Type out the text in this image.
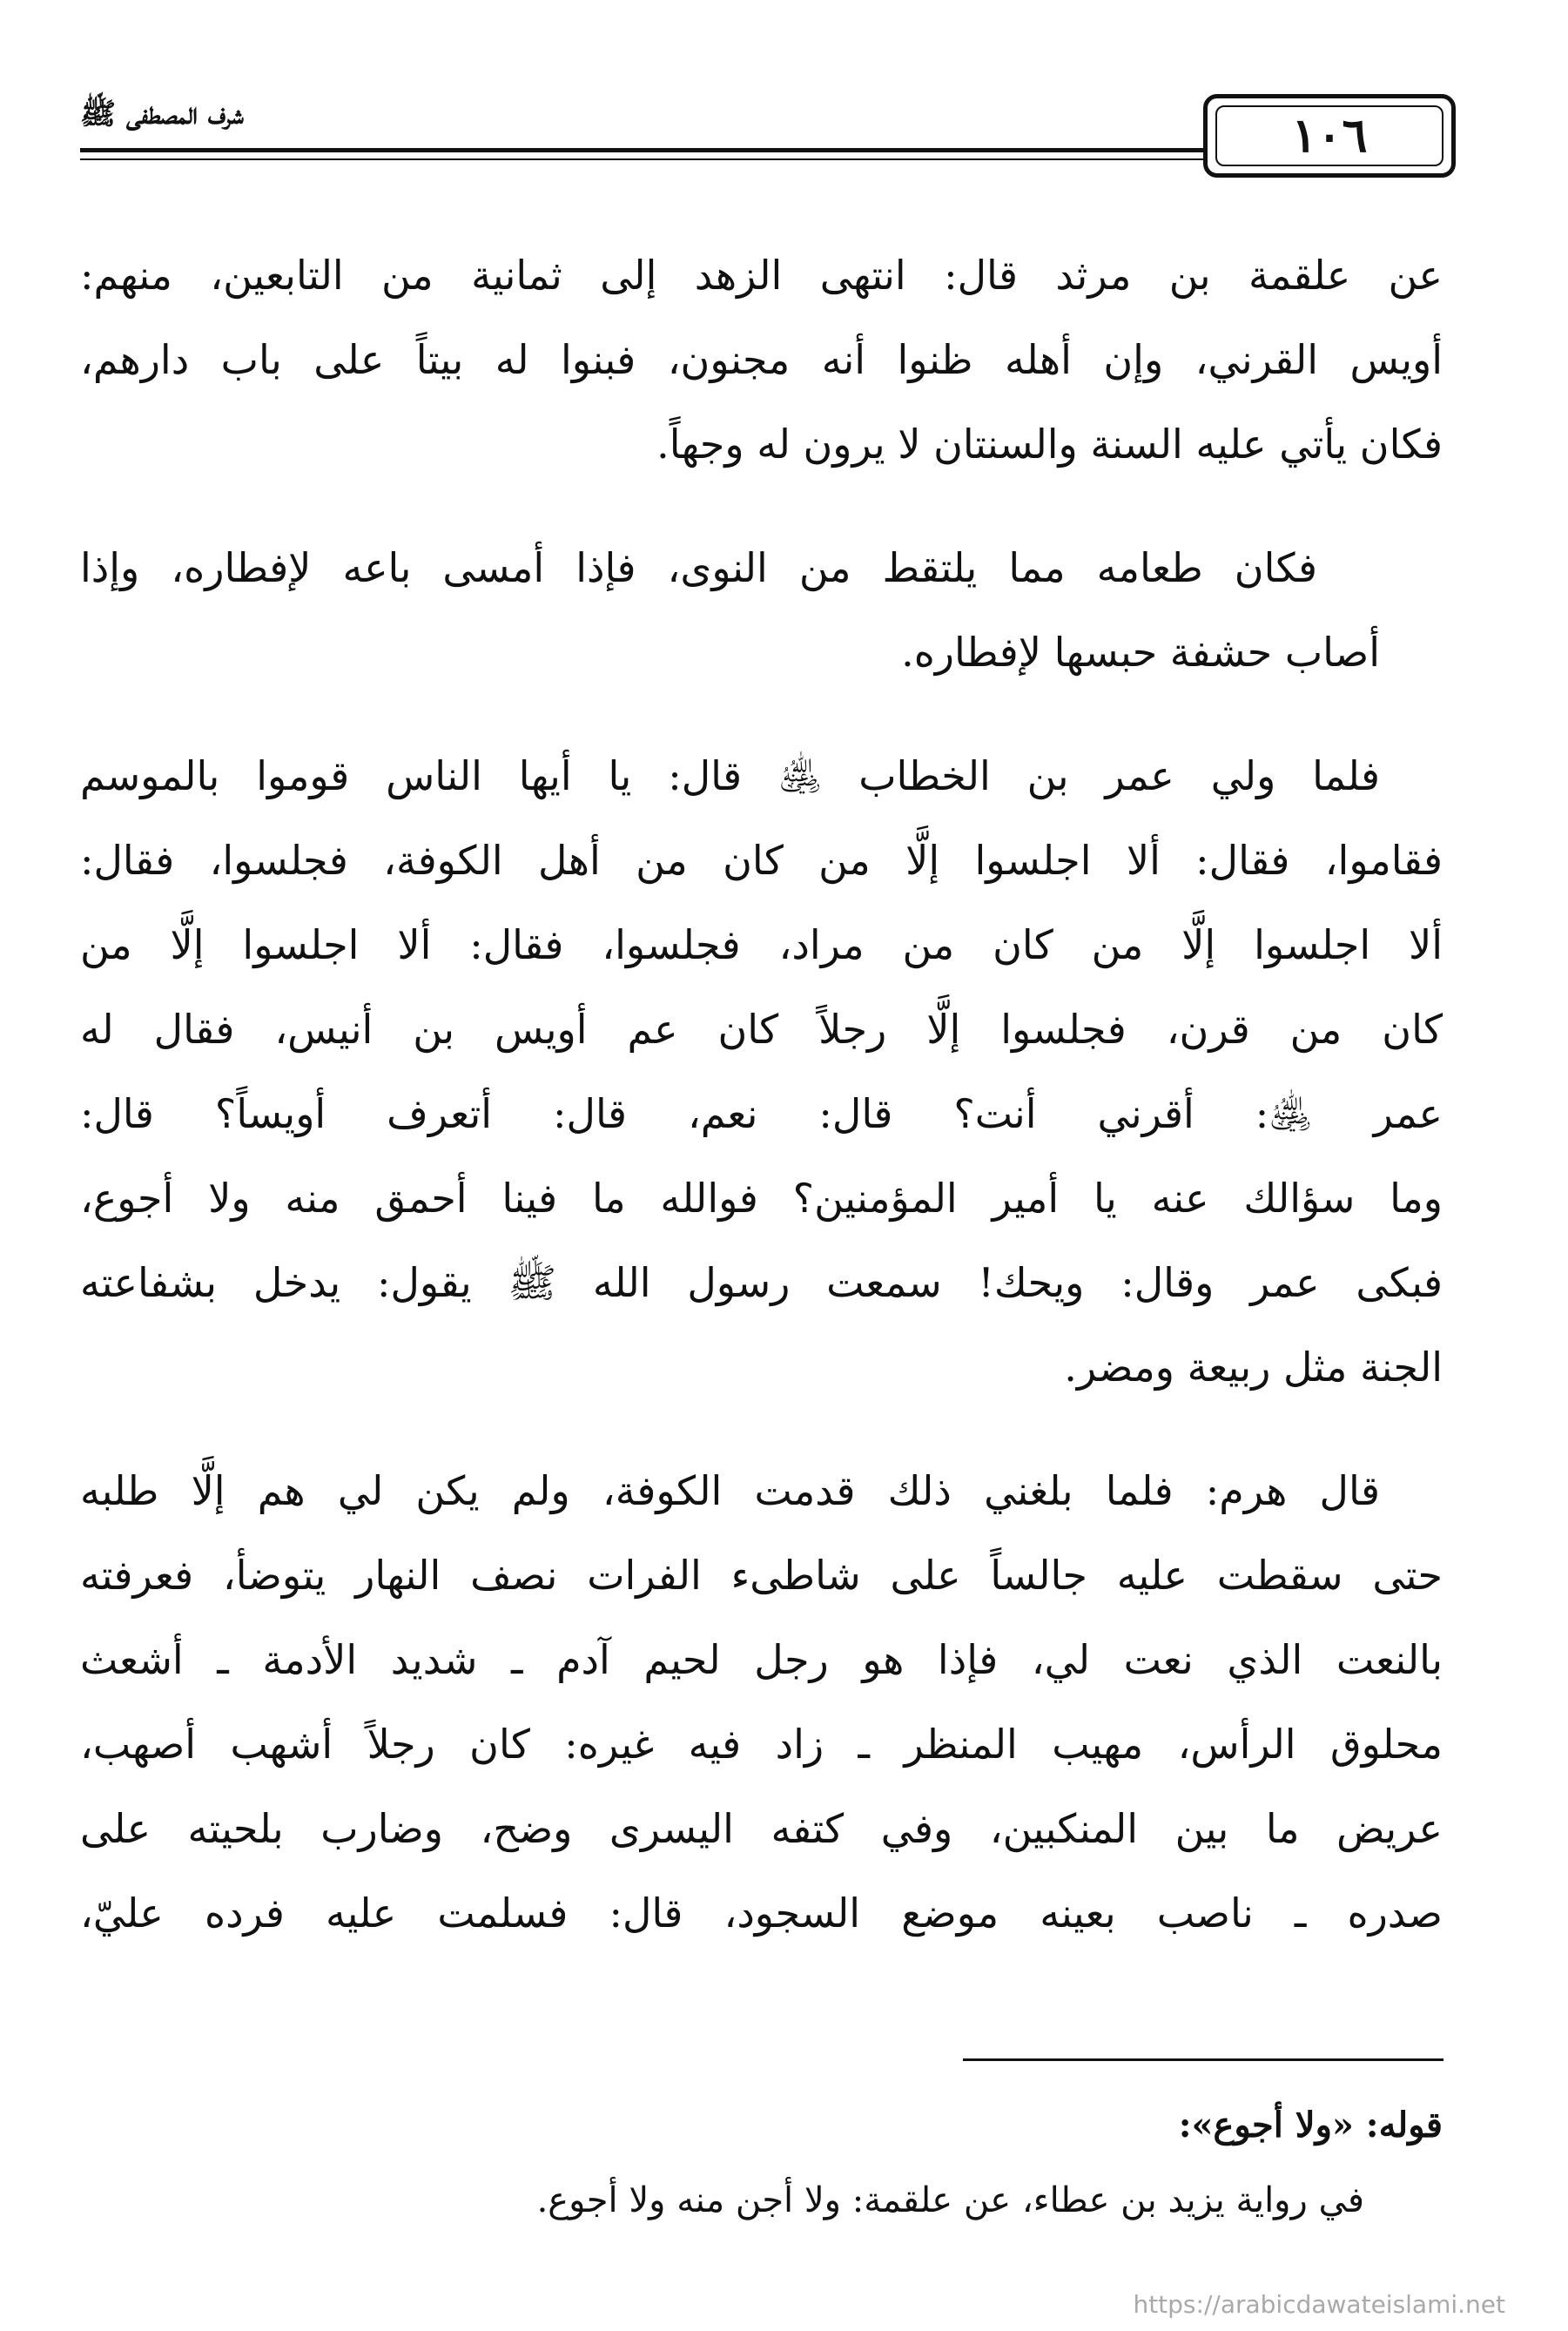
شرف المصطفى ﷺ	١٠٦

عن علقمة بن مرثد قال: انتهى الزهد إلى ثمانية من التابعين، منهم:
أويس القرني، وإن أهله ظنوا أنه مجنون، فبنوا له بيتاً على باب دارهم،
فكان يأتي عليه السنة والسنتان لا يرون له وجهاً.

فكان طعامه مما يلتقط من النوى، فإذا أمسى باعه لإفطاره، وإذا
أصاب حشفة حبسها لإفطاره.

فلما ولي عمر بن الخطاب ﵁ قال: يا أيها الناس قوموا بالموسم
فقاموا، فقال: ألا اجلسوا إلَّا من كان من أهل الكوفة، فجلسوا، فقال:
ألا اجلسوا إلَّا من كان من مراد، فجلسوا، فقال: ألا اجلسوا إلَّا من
كان من قرن، فجلسوا إلَّا رجلاً كان عم أويس بن أنيس، فقال له
عمر ﵁: أقرني أنت؟ قال: نعم، قال: أتعرف أويساً؟ قال:
وما سؤالك عنه يا أمير المؤمنين؟ فوالله ما فينا أحمق منه ولا أجوع،
فبكى عمر وقال: ويحك! سمعت رسول الله ﷺ يقول: يدخل بشفاعته
الجنة مثل ربيعة ومضر.

قال هرم: فلما بلغني ذلك قدمت الكوفة، ولم يكن لي هم إلَّا طلبه
حتى سقطت عليه جالساً على شاطىء الفرات نصف النهار يتوضأ، فعرفته
بالنعت الذي نعت لي، فإذا هو رجل لحيم آدم ـ شديد الأدمة ـ أشعث
محلوق الرأس، مهيب المنظر ـ زاد فيه غيره: كان رجلاً أشهب أصهب،
عريض ما بين المنكبين، وفي كتفه اليسرى وضح، وضارب بلحيته على
صدره ـ ناصب بعينه موضع السجود، قال: فسلمت عليه فرده عليّ،

قوله: «ولا أجوع»:
في رواية يزيد بن عطاء، عن علقمة: ولا أجن منه ولا أجوع.
https://arabicdawateislami.net
